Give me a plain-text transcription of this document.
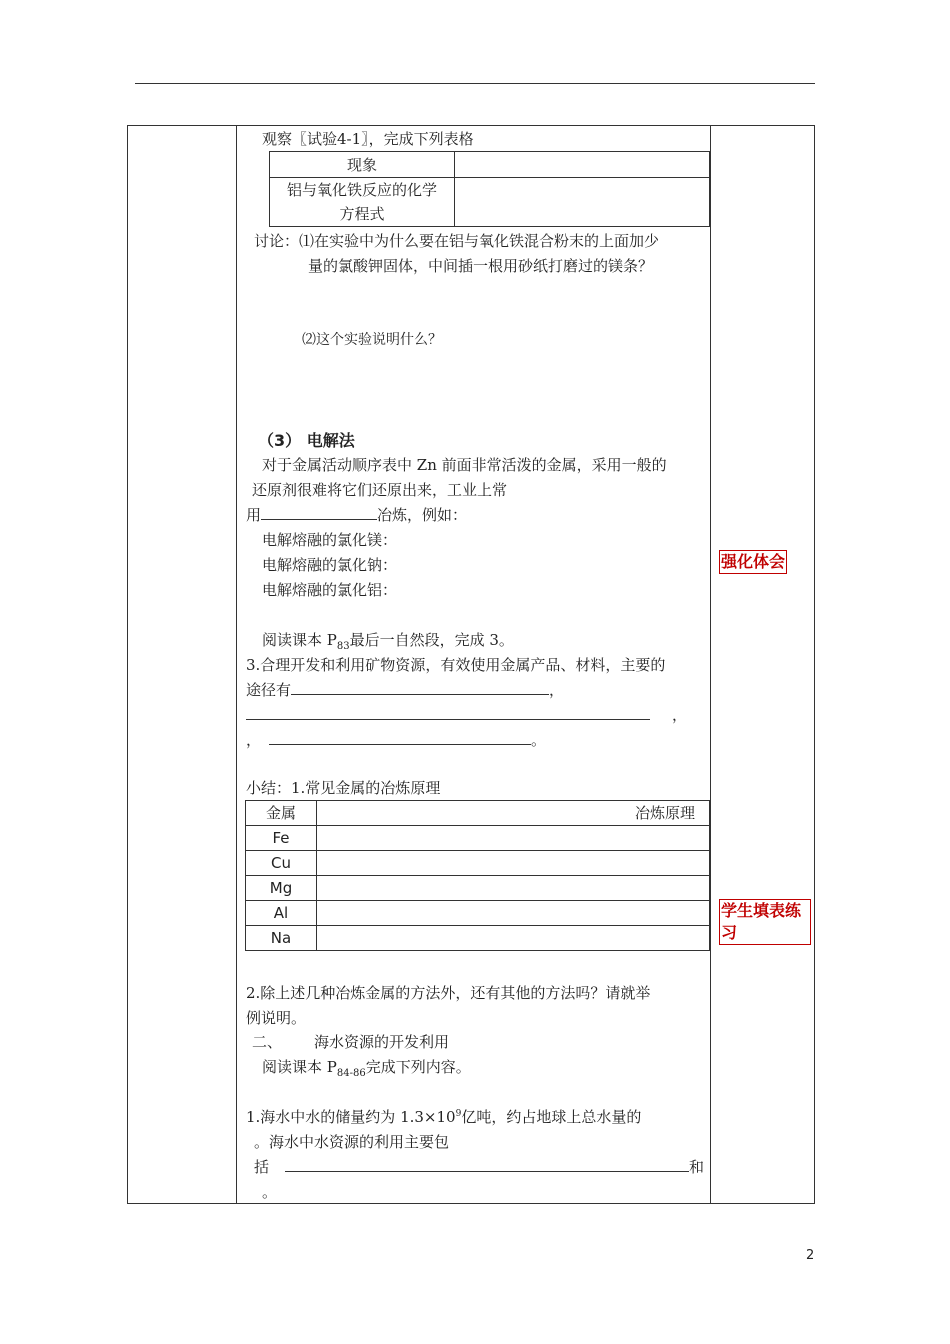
观察〖试验4-1〗，完成下列表格
现象	

铝与氧化铁反应的化学
方程式	

讨论：⑴在实验中为什么要在铝与氧化铁混合粉末的上面加少
量的氯酸钾固体，中间插一根用砂纸打磨过的镁条？
⑵这个实验说明什么？
（3） 电解法
对于金属活动顺序表中 Zn 前面非常活泼的金属，采用一般的
还原剂很难将它们还原出来，工业上常
用	冶炼，例如：
电解熔融的氯化镁：
电解熔融的氯化钠：
电解熔融的氯化铝：
阅读课本 $P_{83}$最后一自然段，完成 3。
3.合理开发和利用矿物资源，有效使用金属产品、材料，主要的
途径有	，
，
，	。
小结：1.常见金属的冶炼原理
金属	冶炼原理
Fe	
Cu	
Mg	
Al	
Na	
2.除上述几种冶炼金属的方法外，还有其他的方法吗？请就举
例说明。
二、 海水资源的开发利用
阅读课本 $P_{84-86}$完成下列内容。
1.海水中水的储量约为 $1.3\times 10^9$亿吨，约占地球上总水量的
。海水中水资源的利用主要包
括	和
。
强化体会
学生填表练
习
2
